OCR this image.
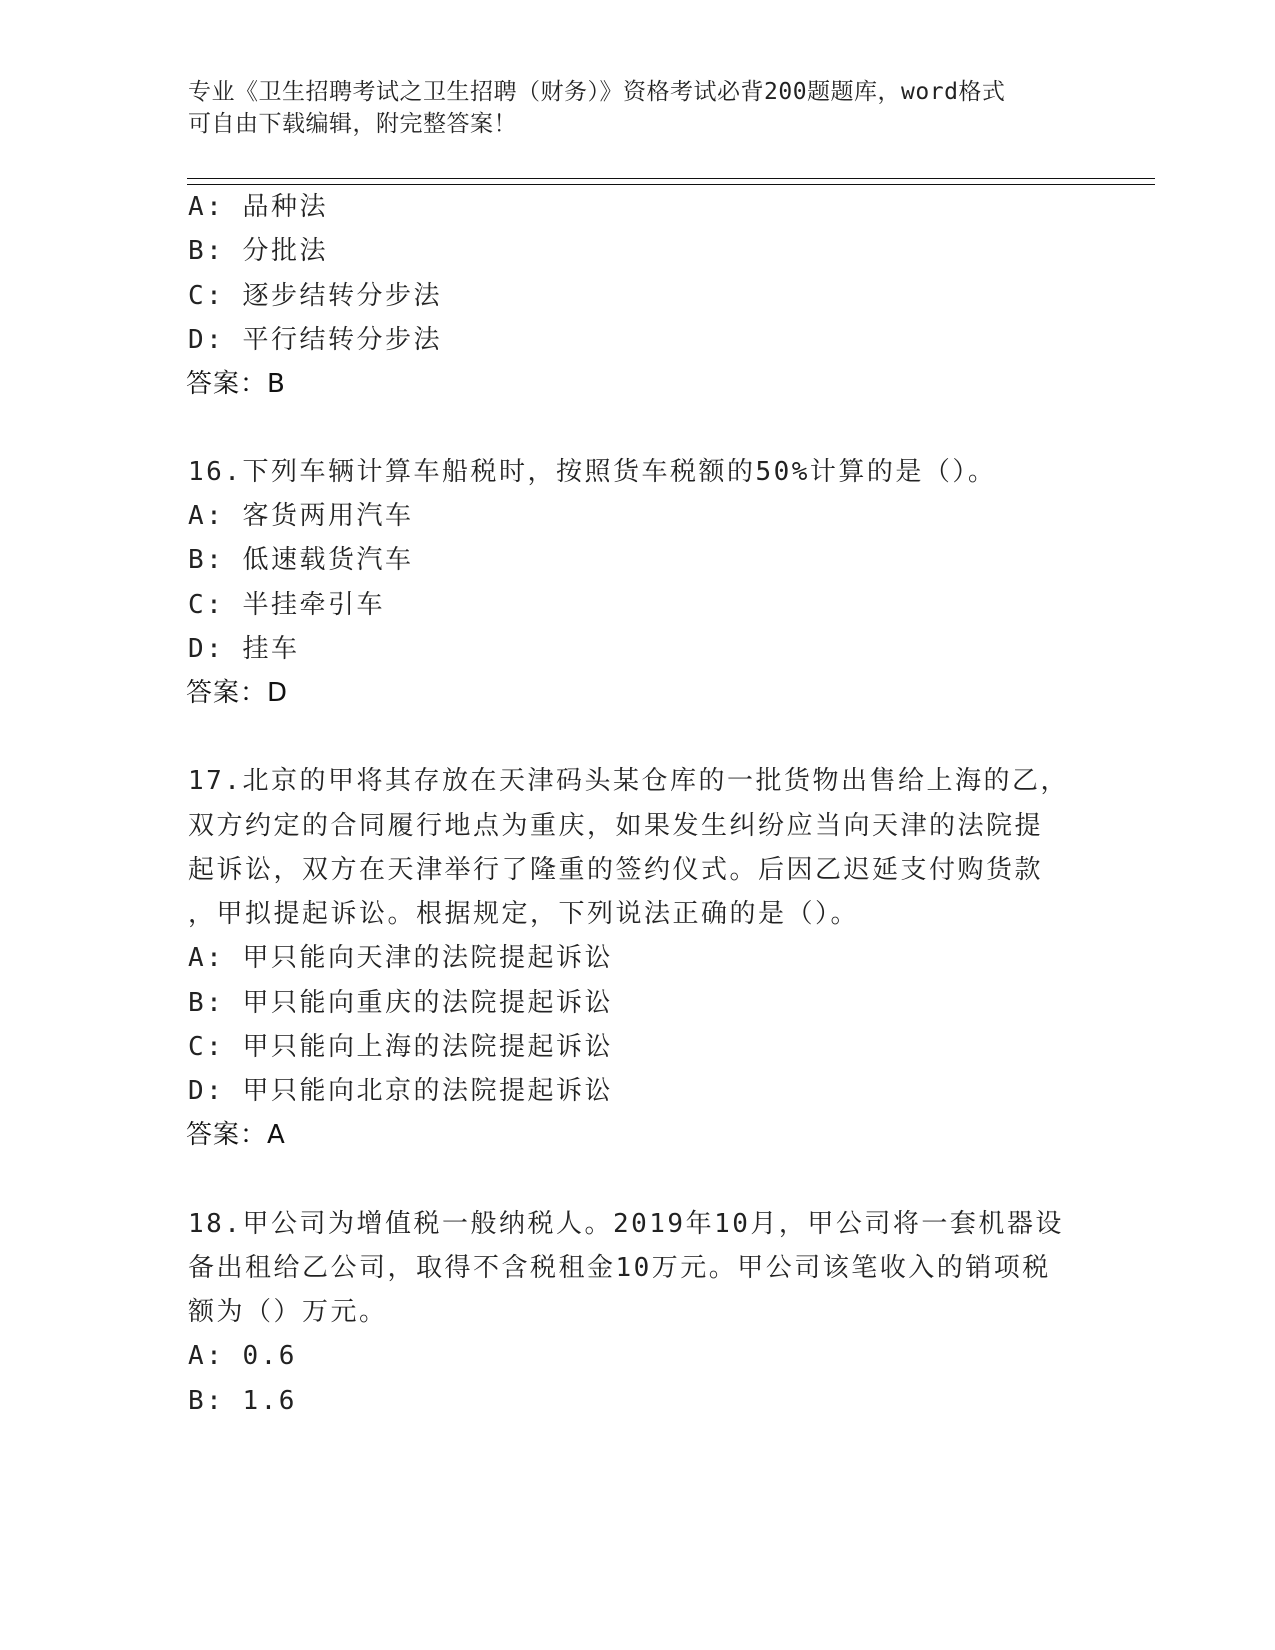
专业《卫生招聘考试之卫生招聘（财务）》资格考试必背200题题库，word格式
可自由下载编辑，附完整答案！
A: 品种法
B: 分批法
C: 逐步结转分步法
D: 平行结转分步法
答案：B
16.下列车辆计算车船税时，按照货车税额的50%计算的是（）。
A: 客货两用汽车
B: 低速载货汽车
C: 半挂牵引车
D: 挂车
答案：D
17.北京的甲将其存放在天津码头某仓库的一批货物出售给上海的乙，
双方约定的合同履行地点为重庆，如果发生纠纷应当向天津的法院提
起诉讼，双方在天津举行了隆重的签约仪式。后因乙迟延支付购货款
，甲拟提起诉讼。根据规定，下列说法正确的是（）。
A: 甲只能向天津的法院提起诉讼
B: 甲只能向重庆的法院提起诉讼
C: 甲只能向上海的法院提起诉讼
D: 甲只能向北京的法院提起诉讼
答案：A
18.甲公司为增值税一般纳税人。2019年10月，甲公司将一套机器设
备出租给乙公司，取得不含税租金10万元。甲公司该笔收入的销项税
额为（）万元。
A: 0.6
B: 1.6
